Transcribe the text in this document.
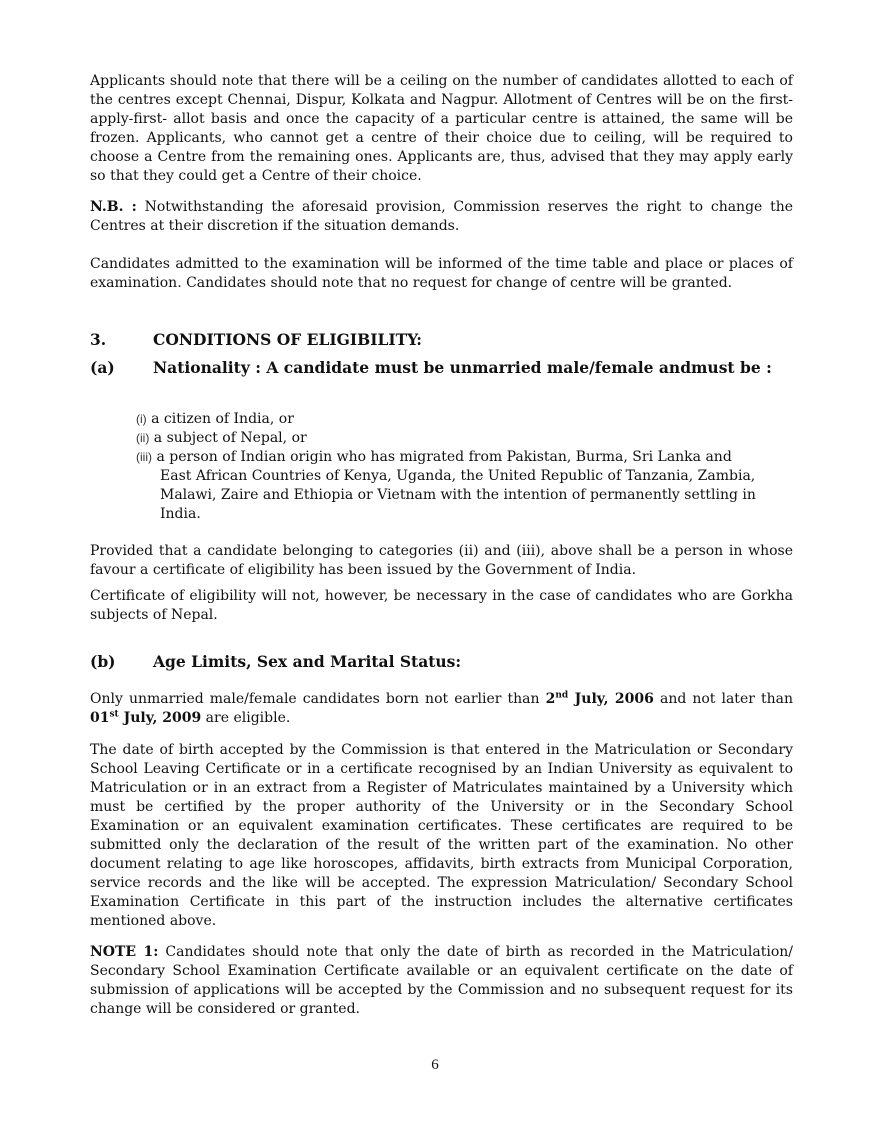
Applicants should note that there will be a ceiling on the number of candidates allotted to each of the centres except Chennai, Dispur, Kolkata and Nagpur. Allotment of Centres will be on the first-apply-first- allot basis and once the capacity of a particular centre is attained, the same will be frozen. Applicants, who cannot get a centre of their choice due to ceiling, will be required to choose a Centre from the remaining ones. Applicants are, thus, advised that they may apply early so that they could get a Centre of their choice.

N.B. : Notwithstanding the aforesaid provision, Commission reserves the right to change the Centres at their discretion if the situation demands.

Candidates admitted to the examination will be informed of the time table and place or places of examination. Candidates should note that no request for change of centre will be granted.

3.	CONDITIONS OF ELIGIBILITY:
(a) Nationality : A candidate must be unmarried male/female andmust be :

(i) a citizen of India, or

(ii) a subject of Nepal, or

(iii) a person of Indian origin who has migrated from Pakistan, Burma, Sri Lanka and
East African Countries of Kenya, Uganda, the United Republic of Tanzania, Zambia, Malawi, Zaire and Ethiopia or Vietnam with the intention of permanently settling in India.

Provided that a candidate belonging to categories (ii) and (iii), above shall be a person in whose favour a certificate of eligibility has been issued by the Government of India.

Certificate of eligibility will not, however, be necessary in the case of candidates who are Gorkha subjects of Nepal.

(b) Age Limits, Sex and Marital Status:

Only unmarried male/female candidates born not earlier than 2nd July, 2006 and not later than 01st July, 2009 are eligible.

The date of birth accepted by the Commission is that entered in the Matriculation or Secondary School Leaving Certificate or in a certificate recognised by an Indian University as equivalent to Matriculation or in an extract from a Register of Matriculates maintained by a University which must be certified by the proper authority of the University or in the Secondary School Examination or an equivalent examination certificates. These certificates are required to be submitted only the declaration of the result of the written part of the examination. No other document relating to age like horoscopes, affidavits, birth extracts from Municipal Corporation, service records and the like will be accepted. The expression Matriculation/ Secondary School Examination Certificate in this part of the instruction includes the alternative certificates mentioned above.

NOTE 1: Candidates should note that only the date of birth as recorded in the Matriculation/ Secondary School Examination Certificate available or an equivalent certificate on the date of submission of applications will be accepted by the Commission and no subsequent request for its change will be considered or granted.

6
